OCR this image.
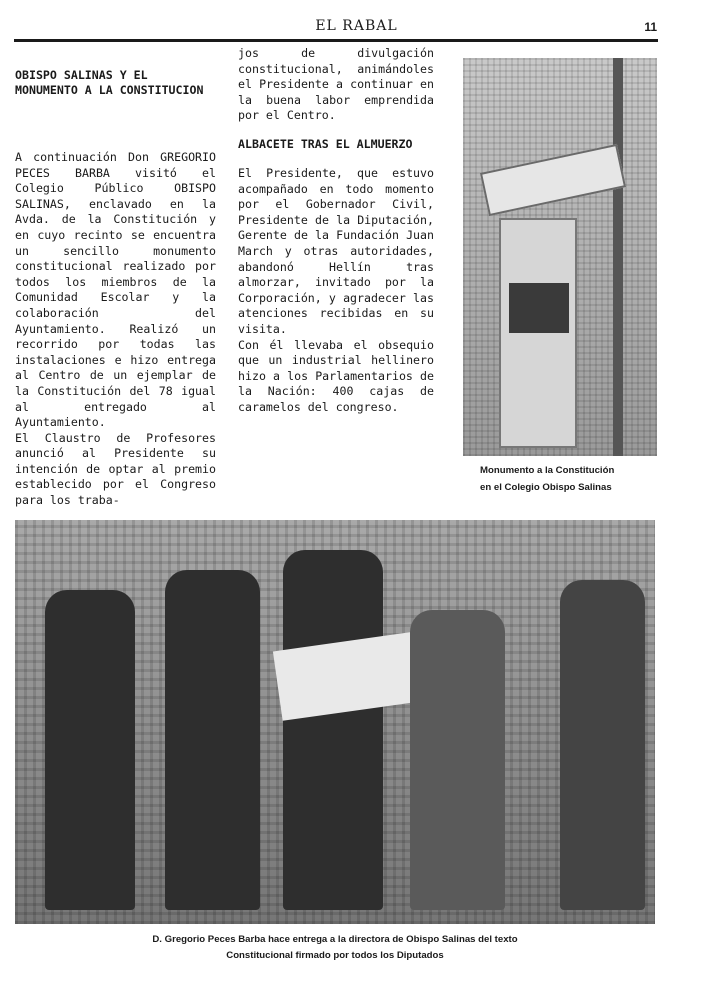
EL RABAL	11
OBISPO SALINAS Y EL MONUMENTO A LA CONSTITUCION

A continuación Don GREGORIO PECES BARBA visitó el Colegio Público OBISPO SALINAS, enclavado en la Avda. de la Constitución y en cuyo recinto se encuentra un sencillo monumento constitucional realizado por todos los miembros de la Comunidad Escolar y la colaboración del Ayuntamiento. Realizó un recorrido por todas las instalaciones e hizo entrega al Centro de un ejemplar de la Constitución del 78 igual al entregado al Ayuntamiento.

El Claustro de Profesores anunció al Presidente su intención de optar al premio establecido por el Congreso para los traba-

jos de divulgación constitucional, animándoles el Presidente a continuar en la buena labor emprendida por el Centro.

ALBACETE TRAS EL ALMUERZO

El Presidente, que estuvo acompañado en todo momento por el Gobernador Civil, Presidente de la Diputación, Gerente de la Fundación Juan March y otras autoridades, abandonó Hellín tras almorzar, invitado por la Corporación, y agradecer las atenciones recibidas en su visita.

Con él llevaba el obsequio que un industrial hellinero hizo a los Parlamentarios de la Nación: 400 cajas de caramelos del congreso.

Monumento a la Constitución
en el Colegio Obispo Salinas
D. Gregorio Peces Barba hace entrega a la directora de Obispo Salinas del texto
Constitucional firmado por todos los Diputados
